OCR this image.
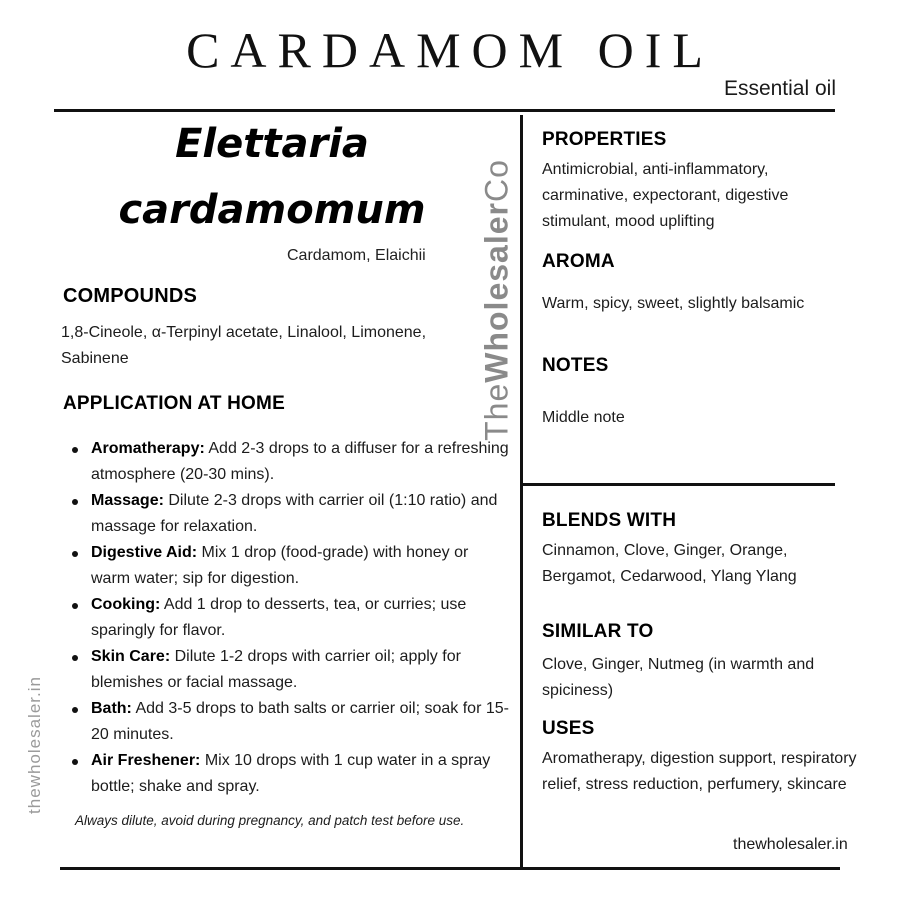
CARDAMOM OIL
Essential oil
TheWholesalerCo
thewholesaler.in
Elettaria
cardamomum
Cardamom, Elaichii
COMPOUNDS
1,8-Cineole, α-Terpinyl acetate, Linalool, Limonene, Sabinene
APPLICATION AT HOME
Aromatherapy: Add 2-3 drops to a diffuser for a refreshing atmosphere (20-30 mins).
Massage: Dilute 2-3 drops with carrier oil (1:10 ratio) and massage for relaxation.
Digestive Aid: Mix 1 drop (food-grade) with honey or warm water; sip for digestion.
Cooking: Add 1 drop to desserts, tea, or curries; use sparingly for flavor.
Skin Care: Dilute 1-2 drops with carrier oil; apply for blemishes or facial massage.
Bath: Add 3-5 drops to bath salts or carrier oil; soak for 15-20 minutes.
Air Freshener: Mix 10 drops with 1 cup water in a spray bottle; shake and spray.
Always dilute, avoid during pregnancy, and patch test before use.
PROPERTIES
Antimicrobial, anti-inflammatory, carminative, expectorant, digestive stimulant, mood uplifting
AROMA
Warm, spicy, sweet, slightly balsamic
NOTES
Middle note
BLENDS WITH
Cinnamon, Clove, Ginger, Orange, Bergamot, Cedarwood, Ylang Ylang
SIMILAR TO
Clove, Ginger, Nutmeg (in warmth and spiciness)
USES
Aromatherapy, digestion support, respiratory relief, stress reduction, perfumery, skincare
thewholesaler.in
